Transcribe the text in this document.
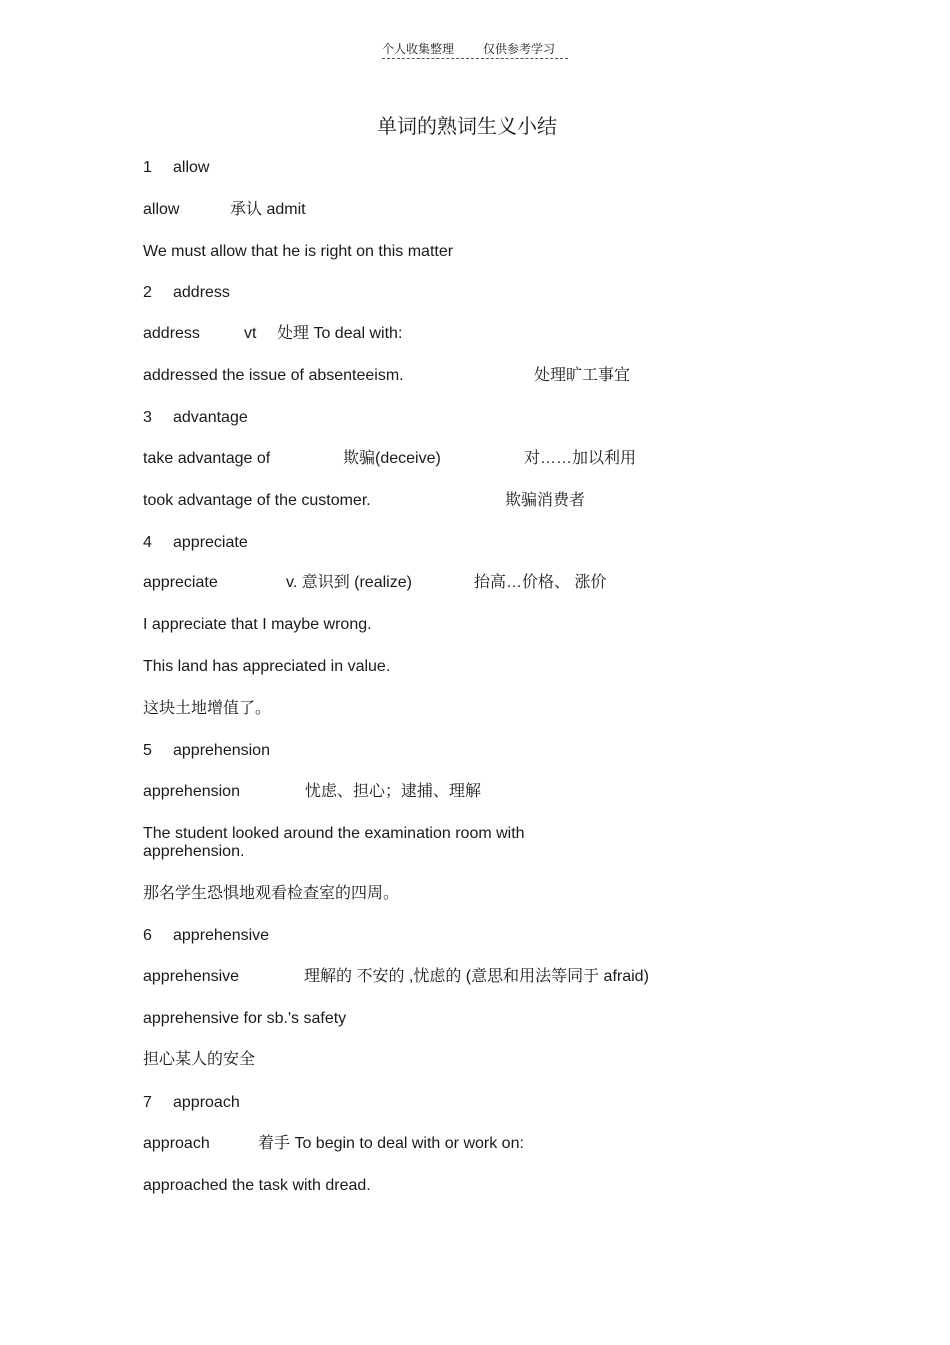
个人收集整理 仅供参考学习
单词的熟词生义小结
1 allow
allow	承认 admit
We must allow that he is right on this matter
2 address
address	vt 处理 To deal with:
addressed the issue of absenteeism.	处理旷工事宜
3 advantage
take advantage of	欺骗(deceive)	对……加以利用
took advantage of the customer.	欺骗消费者
4 appreciate
appreciate	v. 意识到 (realize)	抬高…价格、 涨价
I appreciate that I maybe wrong.
This land has appreciated in value.
这块土地增值了。
5 apprehension
apprehension	忧虑、担心；逮捕、理解
The student looked around the examination room with apprehension.
那名学生恐惧地观看检查室的四周。
6 apprehensive
apprehensive	理解的 不安的 ,忧虑的 (意思和用法等同于 afraid)
apprehensive for sb.'s safety
担心某人的安全
7 approach
approach	着手 To begin to deal with or work on:
approached the task with dread.
